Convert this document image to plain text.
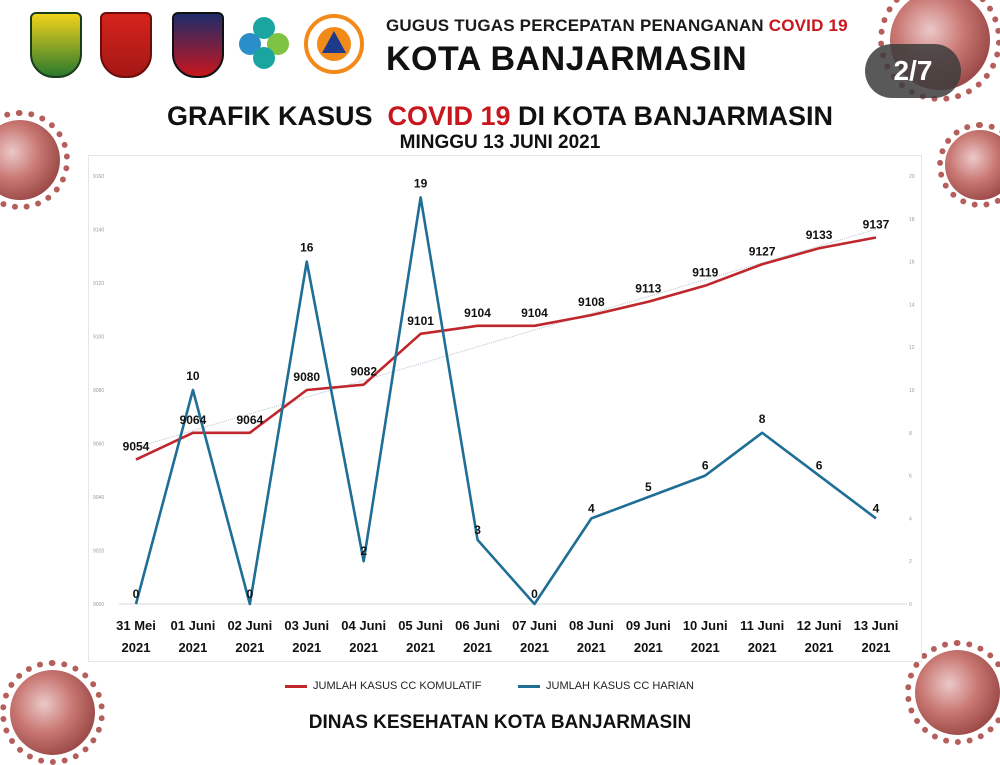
GUGUS TUGAS PERCEPATAN PENANGANAN COVID 19
KOTA BANJARMASIN	2/7
GRAFIK KASUS COVID 19 DI KOTA BANJARMASIN
MINGGU 13 JUNI 2021
9000
9020
9040
9060
9080
9100
9120
9140
9160
0
2
4
6
8
10
12
14
16
18
20
9054
9064	9064
9080	9082
9101
9104	9104
9108
9113
9119
9127
9133
9137
0
10
0
16
2
19
3
0
4
5
6
8
6
4
31 Mei
2021
01 Juni
2021
02 Juni
2021
03 Juni
2021
04 Juni
2021
05 Juni
2021
06 Juni
2021
07 Juni
2021
08 Juni
2021
09 Juni
2021
10 Juni
2021
11 Juni
2021
12 Juni
2021
13 Juni
2021
JUMLAH KASUS CC KOMULATIF	JUMLAH KASUS CC HARIAN
DINAS KESEHATAN KOTA BANJARMASIN
